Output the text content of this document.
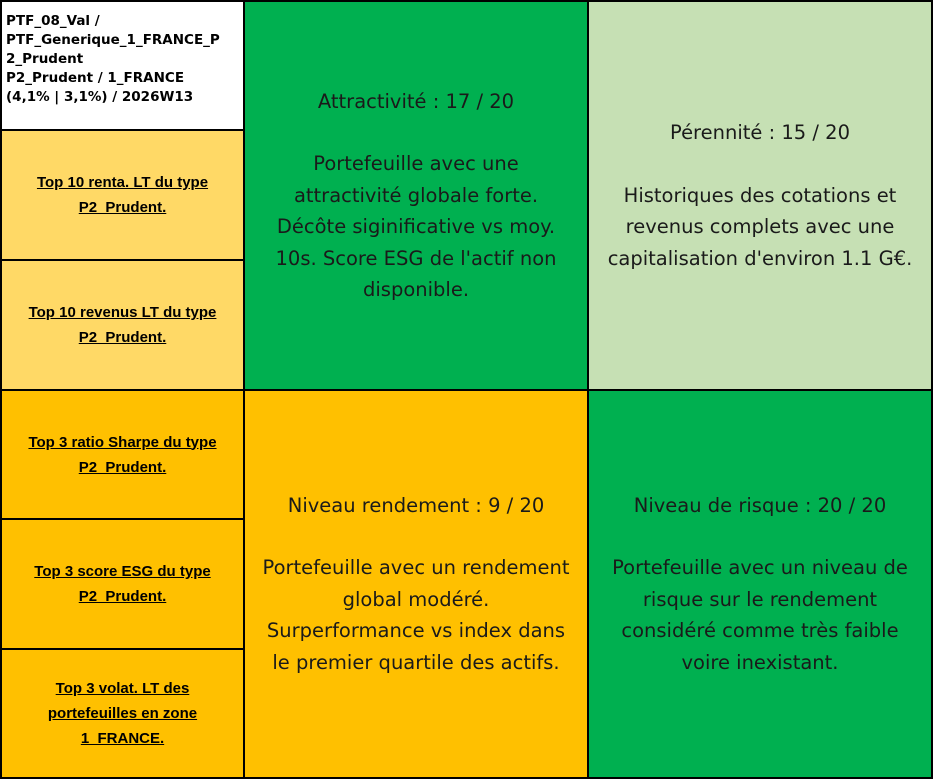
PTF_08_Val /
PTF_Generique_1_FRANCE_P
2_Prudent
P2_Prudent / 1_FRANCE
(4,1% | 3,1%) / 2026W13
Top 10 renta. LT du type
P2_Prudent.
Top 10 revenus LT du type
P2_Prudent.
Top 3 ratio Sharpe du type
P2_Prudent.
Top 3 score ESG du type
P2_Prudent.
Top 3 volat. LT des
portefeuilles en zone
1_FRANCE.
Attractivité : 17 / 20
Portefeuille avec une
attractivité globale forte.
Décôte siginificative vs moy.
10s. Score ESG de l'actif non
disponible.
Pérennité : 15 / 20
Historiques des cotations et
revenus complets avec une
capitalisation d'environ 1.1 G€.
Niveau rendement : 9 / 20
Portefeuille avec un rendement
global modéré.
Surperformance vs index dans
le premier quartile des actifs.
Niveau de risque : 20 / 20
Portefeuille avec un niveau de
risque sur le rendement
considéré comme très faible
voire inexistant.
